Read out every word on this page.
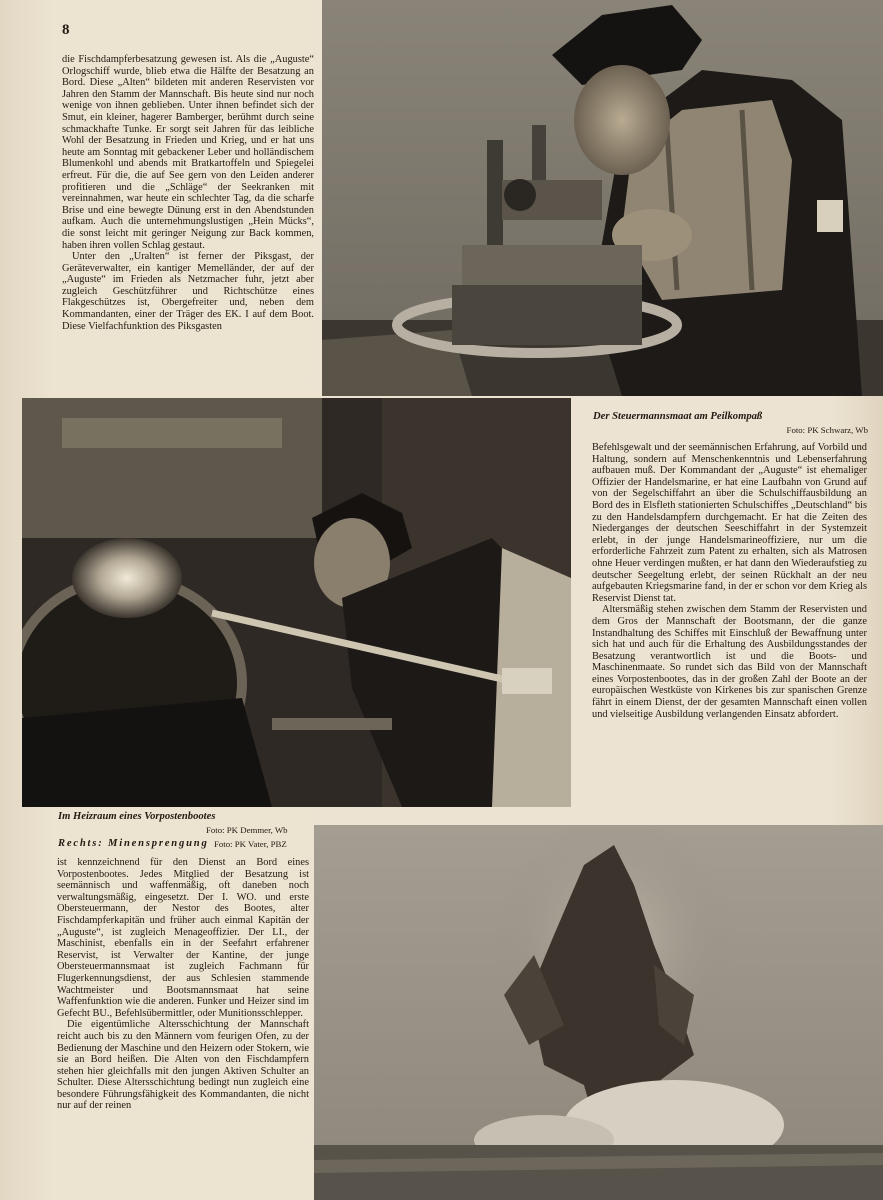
8

die Fischdampferbesatzung gewesen ist. Als die „Auguste“ Orlogschiff wurde, blieb etwa die Hälfte der Besatzung an Bord. Diese „Alten“ bildeten mit anderen Reservisten vor Jahren den Stamm der Mannschaft. Bis heute sind nur noch wenige von ihnen geblieben. Unter ihnen befindet sich der Smut, ein kleiner, hagerer Bamberger, berühmt durch seine schmackhafte Tunke. Er sorgt seit Jahren für das leibliche Wohl der Besatzung in Frieden und Krieg, und er hat uns heute am Sonntag mit gebackener Leber und holländischem Blumenkohl und abends mit Bratkartoffeln und Spiegelei erfreut. Für die, die auf See gern von den Leiden anderer profitieren und die „Schläge“ der Seekranken mit vereinnahmen, war heute ein schlechter Tag, da die scharfe Brise und eine bewegte Dünung erst in den Abendstunden aufkam. Auch die unternehmungslustigen „Hein Mücks“, die sonst leicht mit geringer Neigung zur Back kommen, haben ihren vollen Schlag gestaut.

Unter den „Uralten“ ist ferner der Piksgast, der Geräteverwalter, ein kantiger Memelländer, der auf der „Auguste“ im Frieden als Netzmacher fuhr, jetzt aber zugleich Geschützführer und Richtschütze eines Flakgeschützes ist, Obergefreiter und, neben dem Kommandanten, einer der Träger des EK. I auf dem Boot. Diese Vielfachfunktion des Piksgasten

Der Steuermannsmaat am Peilkompaß
Foto: PK Schwarz, Wb

Befehlsgewalt und der seemännischen Erfahrung, auf Vorbild und Haltung, sondern auf Menschenkenntnis und Lebenserfahrung aufbauen muß. Der Kommandant der „Auguste“ ist ehemaliger Offizier der Handelsmarine, er hat eine Laufbahn von Grund auf von der Segelschiffahrt an über die Schulschiffausbildung an Bord des in Elsfleth stationierten Schulschiffes „Deutschland“ bis zu den Handelsdampfern durchgemacht. Er hat die Zeiten des Niederganges der deutschen Seeschiffahrt in der Systemzeit erlebt, in der junge Handelsmarineoffiziere, nur um die erforderliche Fahrzeit zum Patent zu erhalten, sich als Matrosen ohne Heuer verdingen mußten, er hat dann den Wiederaufstieg zu deutscher Seegeltung erlebt, der seinen Rückhalt an der neu aufgebauten Kriegsmarine fand, in der er schon vor dem Krieg als Reservist Dienst tat.

Altersmäßig stehen zwischen dem Stamm der Reservisten und dem Gros der Mannschaft der Bootsmann, der die ganze Instandhaltung des Schiffes mit Einschluß der Bewaffnung unter sich hat und auch für die Erhaltung des Ausbildungsstandes der Besatzung verantwortlich ist und die Boots- und Maschinenmaate. So rundet sich das Bild von der Mannschaft eines Vorpostenbootes, das in der großen Zahl der Boote an der europäischen Westküste von Kirkenes bis zur spanischen Grenze fährt in einem Dienst, der der gesamten Mannschaft einen vollen und vielseitige Ausbildung verlangenden Einsatz abfordert.

Im Heizraum eines Vorpostenbootes
Foto: PK Demmer, Wb
Rechts: Minensprengung Foto: PK Vater, PBZ

ist kennzeichnend für den Dienst an Bord eines Vorpostenbootes. Jedes Mitglied der Besatzung ist seemännisch und waffenmäßig, oft daneben noch verwaltungsmäßig, eingesetzt. Der I. WO. und erste Obersteuermann, der Nestor des Bootes, alter Fischdampferkapitän und früher auch einmal Kapitän der „Auguste“, ist zugleich Menageoffizier. Der LI., der Maschinist, ebenfalls ein in der Seefahrt erfahrener Reservist, ist Verwalter der Kantine, der junge Obersteuermannsmaat ist zugleich Fachmann für Flugerkennungsdienst, der aus Schlesien stammende Wachtmeister und Bootsmannsmaat hat seine Waffenfunktion wie die anderen. Funker und Heizer sind im Gefecht BU., Befehlsübermittler, oder Munitionsschlepper.

Die eigentümliche Altersschichtung der Mannschaft reicht auch bis zu den Männern vom feurigen Ofen, zu der Bedienung der Maschine und den Heizern oder Stokern, wie sie an Bord heißen. Die Alten von den Fischdampfern stehen hier gleichfalls mit den jungen Aktiven Schulter an Schulter. Diese Altersschichtung bedingt nun zugleich eine besondere Führungsfähigkeit des Kommandanten, die nicht nur auf der reinen
